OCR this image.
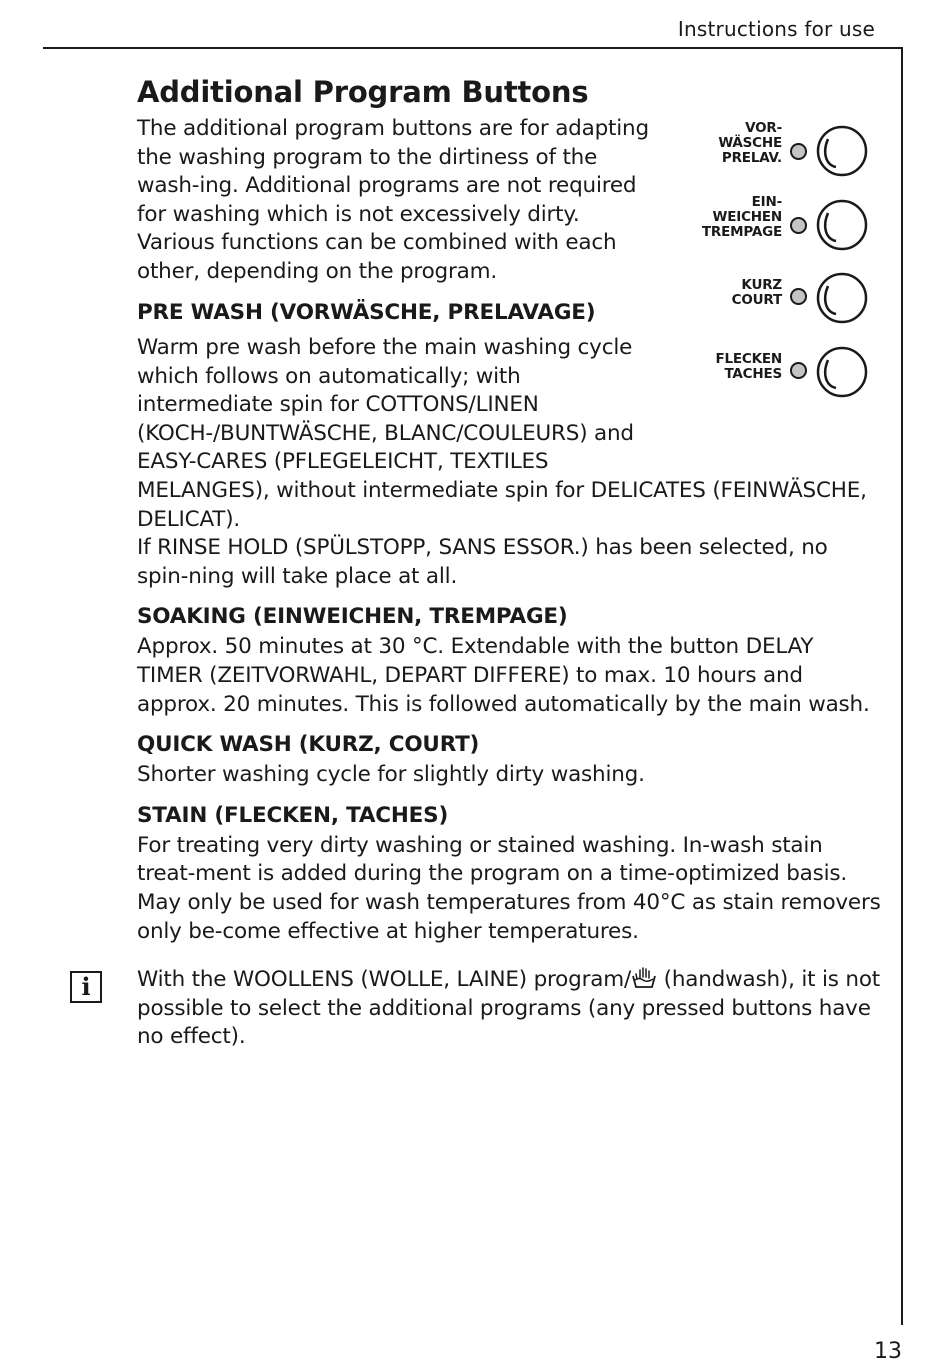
Instructions for use
13
VOR-
WÄSCHE
PRELAV.
EIN-
WEICHEN
TREMPAGE
KURZ
COURT
FLECKEN
TACHES
Additional Program Buttons

The additional program buttons are for adapting the washing program to the dirtiness of the wash-ing. Additional programs are not required for washing which is not excessively dirty. Various functions can be combined with each other, depending on the program.

PRE WASH (VORWÄSCHE, PRELAVAGE)

Warm pre wash before the main washing cycle which follows on automatically; with intermediate spin for COTTONS/LINEN (KOCH-/BUNTWÄSCHE, BLANC/COULEURS) and EASY-CARES (PFLEGELEICHT, TEXTILES MELANGES), without intermediate spin for DELICATES (FEINWÄSCHE, DELICAT).

If RINSE HOLD (SPÜLSTOPP, SANS ESSOR.) has been selected, no spin-ning will take place at all.

SOAKING (EINWEICHEN, TREMPAGE)

Approx. 50 minutes at 30 °C. Extendable with the button DELAY TIMER (ZEITVORWAHL, DEPART DIFFERE) to max. 10 hours and approx. 20 minutes. This is followed automatically by the main wash.

QUICK WASH (KURZ, COURT)

Shorter washing cycle for slightly dirty washing.

STAIN (FLECKEN, TACHES)

For treating very dirty washing or stained washing. In-wash stain treat-ment is added during the program on a time-optimized basis. May only be used for wash temperatures from 40°C as stain removers only be-come effective at higher temperatures.

i	With the WOOLLENS (WOLLE, LAINE) program/ (handwash), it is not possible to select the additional programs (any pressed buttons have no effect).
